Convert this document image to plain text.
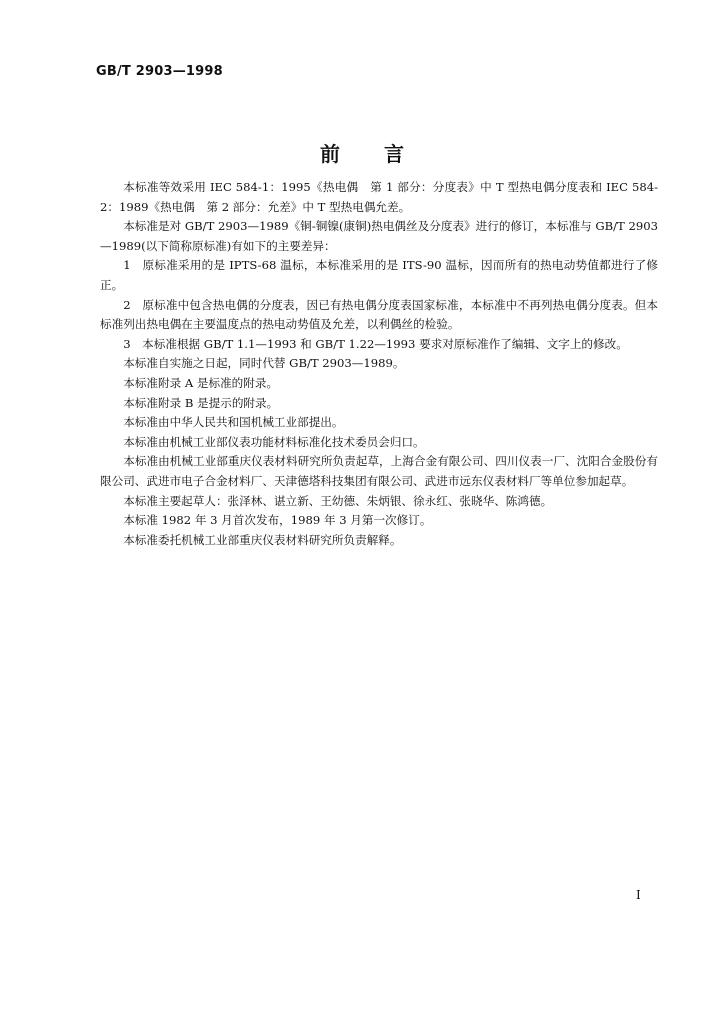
GB/T 2903—1998
前言

本标准等效采用 IEC 584-1：1995《热电偶　第 1 部分：分度表》中 T 型热电偶分度表和 IEC 584-2：1989《热电偶　第 2 部分：允差》中 T 型热电偶允差。

本标准是对 GB/T 2903—1989《铜-铜镍(康铜)热电偶丝及分度表》进行的修订，本标准与 GB/T 2903—1989(以下简称原标准)有如下的主要差异：

1　原标准采用的是 IPTS-68 温标，本标准采用的是 ITS-90 温标，因而所有的热电动势值都进行了修正。

2　原标准中包含热电偶的分度表，因已有热电偶分度表国家标准，本标准中不再列热电偶分度表。但本标准列出热电偶在主要温度点的热电动势值及允差，以利偶丝的检验。

3　本标准根据 GB/T 1.1—1993 和 GB/T 1.22—1993 要求对原标准作了编辑、文字上的修改。

本标准自实施之日起，同时代替 GB/T 2903—1989。

本标准附录 A 是标准的附录。

本标准附录 B 是提示的附录。

本标准由中华人民共和国机械工业部提出。

本标准由机械工业部仪表功能材料标准化技术委员会归口。

本标准由机械工业部重庆仪表材料研究所负责起草，上海合金有限公司、四川仪表一厂、沈阳合金股份有限公司、武进市电子合金材料厂、天津德塔科技集团有限公司、武进市远东仪表材料厂等单位参加起草。

本标准主要起草人：张泽林、谌立新、王幼德、朱炳银、徐永红、张晓华、陈鸿德。

本标准 1982 年 3 月首次发布，1989 年 3 月第一次修订。

本标准委托机械工业部重庆仪表材料研究所负责解释。

I
